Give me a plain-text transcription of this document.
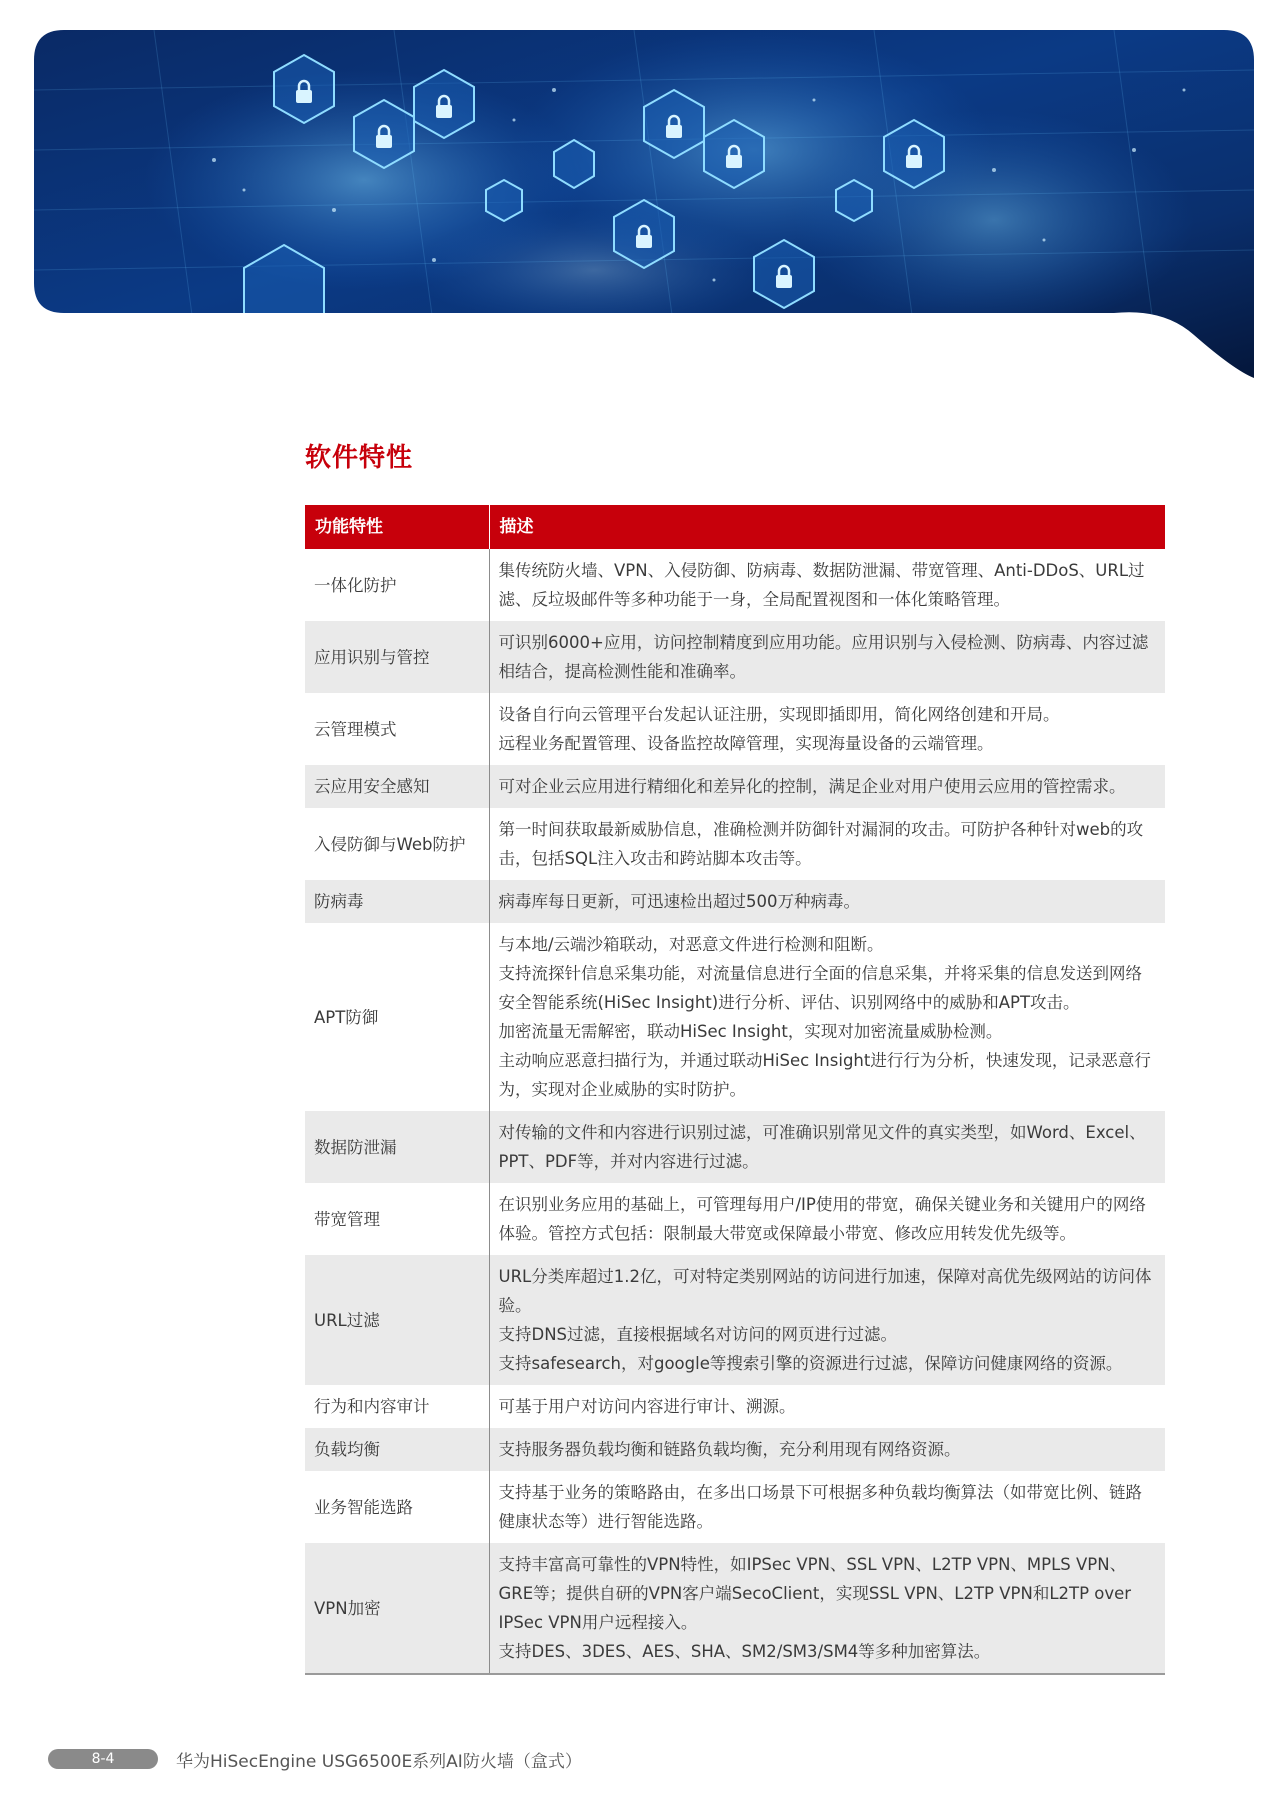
软件特性
功能特性	描述
一体化防护	集传统防火墙、VPN、入侵防御、防病毒、数据防泄漏、带宽管理、Anti-DDoS、URL过滤、反垃圾邮件等多种功能于一身，全局配置视图和一体化策略管理。

应用识别与管控	可识别6000+应用，访问控制精度到应用功能。应用识别与入侵检测、防病毒、内容过滤相结合，提高检测性能和准确率。

云管理模式	设备自行向云管理平台发起认证注册，实现即插即用，简化网络创建和开局。
远程业务配置管理、设备监控故障管理，实现海量设备的云端管理。

云应用安全感知	可对企业云应用进行精细化和差异化的控制，满足企业对用户使用云应用的管控需求。

入侵防御与Web防护	第一时间获取最新威胁信息，准确检测并防御针对漏洞的攻击。可防护各种针对web的攻击，包括SQL注入攻击和跨站脚本攻击等。

防病毒	病毒库每日更新，可迅速检出超过500万种病毒。

APT防御	与本地/云端沙箱联动，对恶意文件进行检测和阻断。
支持流探针信息采集功能，对流量信息进行全面的信息采集，并将采集的信息发送到网络安全智能系统(HiSec Insight)进行分析、评估、识别网络中的威胁和APT攻击。
加密流量无需解密，联动HiSec Insight，实现对加密流量威胁检测。
主动响应恶意扫描行为，并通过联动HiSec Insight进行行为分析，快速发现，记录恶意行为，实现对企业威胁的实时防护。

数据防泄漏	对传输的文件和内容进行识别过滤，可准确识别常见文件的真实类型，如Word、Excel、PPT、PDF等，并对内容进行过滤。

带宽管理	在识别业务应用的基础上，可管理每用户/IP使用的带宽，确保关键业务和关键用户的网络体验。管控方式包括：限制最大带宽或保障最小带宽、修改应用转发优先级等。

URL过滤	URL分类库超过1.2亿，可对特定类别网站的访问进行加速，保障对高优先级网站的访问体验。
支持DNS过滤，直接根据域名对访问的网页进行过滤。
支持safesearch，对google等搜索引擎的资源进行过滤，保障访问健康网络的资源。

行为和内容审计	可基于用户对访问内容进行审计、溯源。

负载均衡	支持服务器负载均衡和链路负载均衡，充分利用现有网络资源。

业务智能选路	支持基于业务的策略路由，在多出口场景下可根据多种负载均衡算法（如带宽比例、链路健康状态等）进行智能选路。

VPN加密	支持丰富高可靠性的VPN特性，如IPSec VPN、SSL VPN、L2TP VPN、MPLS VPN、GRE等；提供自研的VPN客户端SecoClient，实现SSL VPN、L2TP VPN和L2TP over IPSec VPN用户远程接入。
支持DES、3DES、AES、SHA、SM2/SM3/SM4等多种加密算法。
8-4	华为HiSecEngine USG6500E系列AI防火墙（盒式）
